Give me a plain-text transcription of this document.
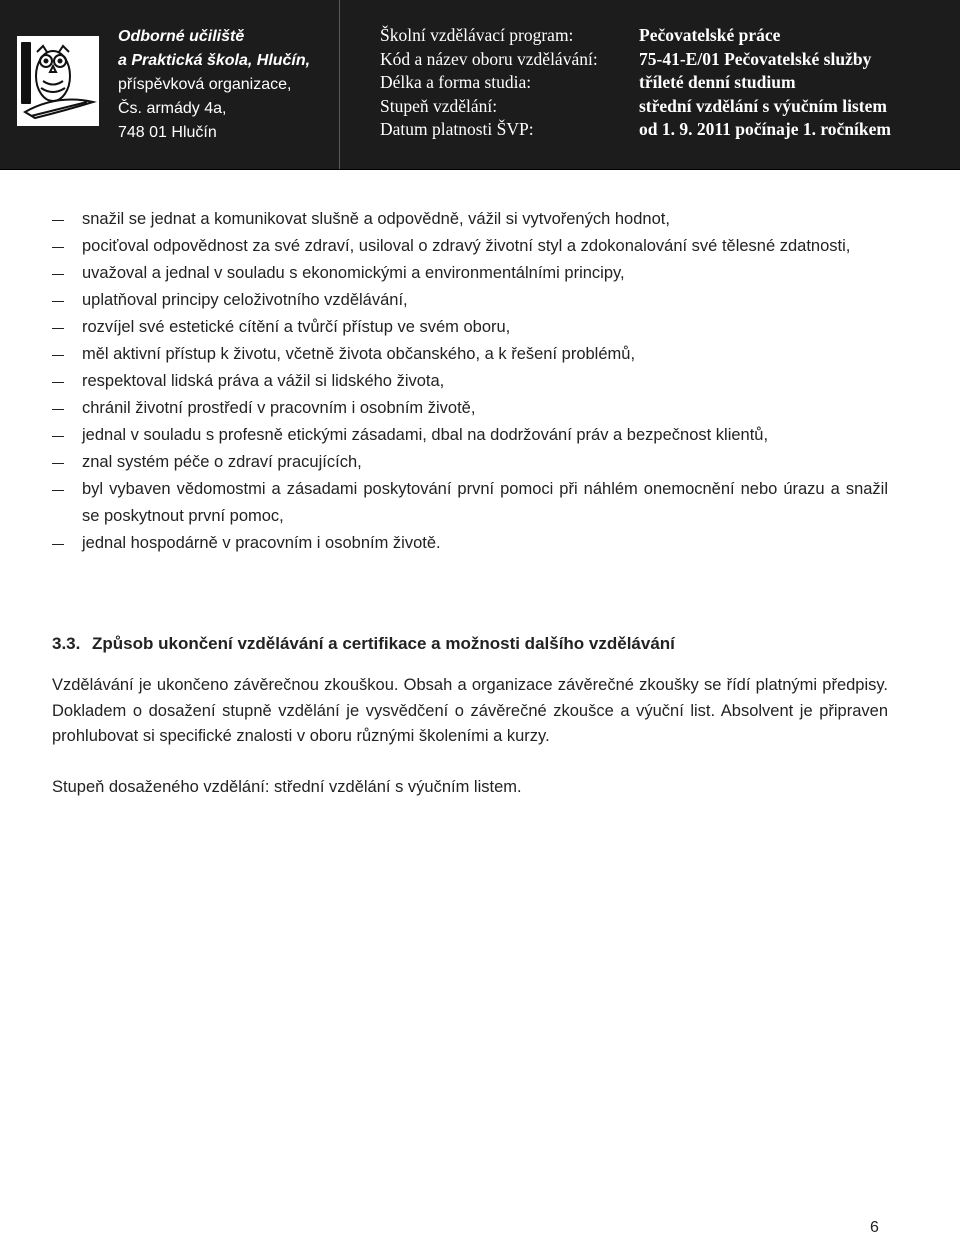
Odborné učiliště
a Praktická škola, Hlučín,
příspěvková organizace,
Čs. armády 4a,
748 01 Hlučín
Školní vzdělávací program:	Pečovatelské práce
Kód a název oboru vzdělávání: 75-41-E/01 Pečovatelské služby
Délka a forma studia:	tříleté denní studium
Stupeň vzdělání:	střední vzdělání s výučním listem
Datum platnosti ŠVP:	od 1. 9. 2011 počínaje 1. ročníkem
snažil se jednat a komunikovat slušně a odpovědně, vážil si vytvořených hodnot,
pociťoval odpovědnost za své zdraví, usiloval o zdravý životní styl a zdokonalování své tělesné zdatnosti,
uvažoval a jednal v souladu s ekonomickými a environmentálními principy,
uplatňoval principy celoživotního vzdělávání,
rozvíjel své estetické cítění a tvůrčí přístup ve svém oboru,
měl aktivní přístup k životu, včetně života občanského, a k řešení problémů,
respektoval lidská práva a vážil si lidského života,
chránil životní prostředí v pracovním i osobním životě,
jednal v souladu s profesně etickými zásadami, dbal na dodržování práv a bezpečnost klientů,
znal systém péče o zdraví pracujících,
byl vybaven vědomostmi a zásadami poskytování první pomoci při náhlém onemocnění nebo úrazu a snažil se poskytnout první pomoc,
jednal hospodárně v pracovním i osobním životě.
3.3. Způsob ukončení vzdělávání a certifikace a možnosti dalšího vzdělávání

Vzdělávání je ukončeno závěrečnou zkouškou. Obsah a organizace závěrečné zkoušky se řídí platnými předpisy. Dokladem o dosažení stupně vzdělání je vysvědčení o závěrečné zkoušce a výuční list. Absolvent je připraven prohlubovat si specifické znalosti v oboru různými školeními a kurzy.

Stupeň dosaženého vzdělání: střední vzdělání s výučním listem.

6
